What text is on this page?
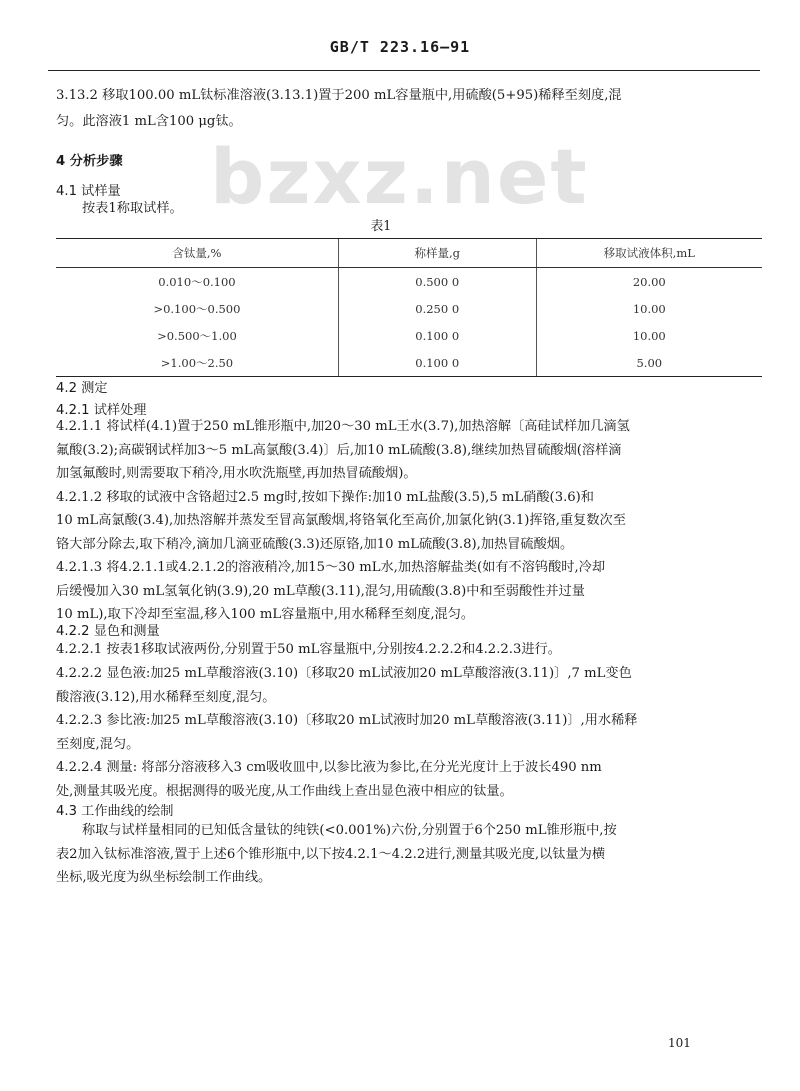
GB/T 223.16—91
bzxz.net
3.13.2 移取100.00 mL钛标准溶液(3.13.1)置于200 mL容量瓶中,用硫酸(5+95)稀释至刻度,混
匀。此溶液1 mL含100 μg钛。
4 分析步骤
4.1 试样量
按表1称取试样。
表1
含钛量,%	称样量,g	移取试液体积,mL
0.010～0.100	0.500 0	20.00
>0.100～0.500	0.250 0	10.00
>0.500～1.00	0.100 0	10.00
>1.00～2.50	0.100 0	5.00
4.2 测定
4.2.1 试样处理
4.2.1.1 将试样(4.1)置于250 mL锥形瓶中,加20～30 mL王水(3.7),加热溶解〔高硅试样加几滴氢
氟酸(3.2);高碳钢试样加3～5 mL高氯酸(3.4)〕后,加10 mL硫酸(3.8),继续加热冒硫酸烟(溶样滴
加氢氟酸时,则需要取下稍冷,用水吹洗瓶壁,再加热冒硫酸烟)。
4.2.1.2 移取的试液中含铬超过2.5 mg时,按如下操作:加10 mL盐酸(3.5),5 mL硝酸(3.6)和
10 mL高氯酸(3.4),加热溶解并蒸发至冒高氯酸烟,将铬氧化至高价,加氯化钠(3.1)挥铬,重复数次至
铬大部分除去,取下稍冷,滴加几滴亚硫酸(3.3)还原铬,加10 mL硫酸(3.8),加热冒硫酸烟。
4.2.1.3 将4.2.1.1或4.2.1.2的溶液稍冷,加15～30 mL水,加热溶解盐类(如有不溶钨酸时,冷却
后缓慢加入30 mL氢氧化钠(3.9),20 mL草酸(3.11),混匀,用硫酸(3.8)中和至弱酸性并过量
10 mL),取下冷却至室温,移入100 mL容量瓶中,用水稀释至刻度,混匀。
4.2.2 显色和测量
4.2.2.1 按表1移取试液两份,分别置于50 mL容量瓶中,分别按4.2.2.2和4.2.2.3进行。
4.2.2.2 显色液:加25 mL草酸溶液(3.10)〔移取20 mL试液加20 mL草酸溶液(3.11)〕,7 mL变色
酸溶液(3.12),用水稀释至刻度,混匀。
4.2.2.3 参比液:加25 mL草酸溶液(3.10)〔移取20 mL试液时加20 mL草酸溶液(3.11)〕,用水稀释
至刻度,混匀。
4.2.2.4 测量: 将部分溶液移入3 cm吸收皿中,以参比液为参比,在分光光度计上于波长490 nm
处,测量其吸光度。根据测得的吸光度,从工作曲线上查出显色液中相应的钛量。
4.3 工作曲线的绘制
称取与试样量相同的已知低含量钛的纯铁(<0.001%)六份,分别置于6个250 mL锥形瓶中,按
表2加入钛标准溶液,置于上述6个锥形瓶中,以下按4.2.1～4.2.2进行,测量其吸光度,以钛量为横
坐标,吸光度为纵坐标绘制工作曲线。
101
